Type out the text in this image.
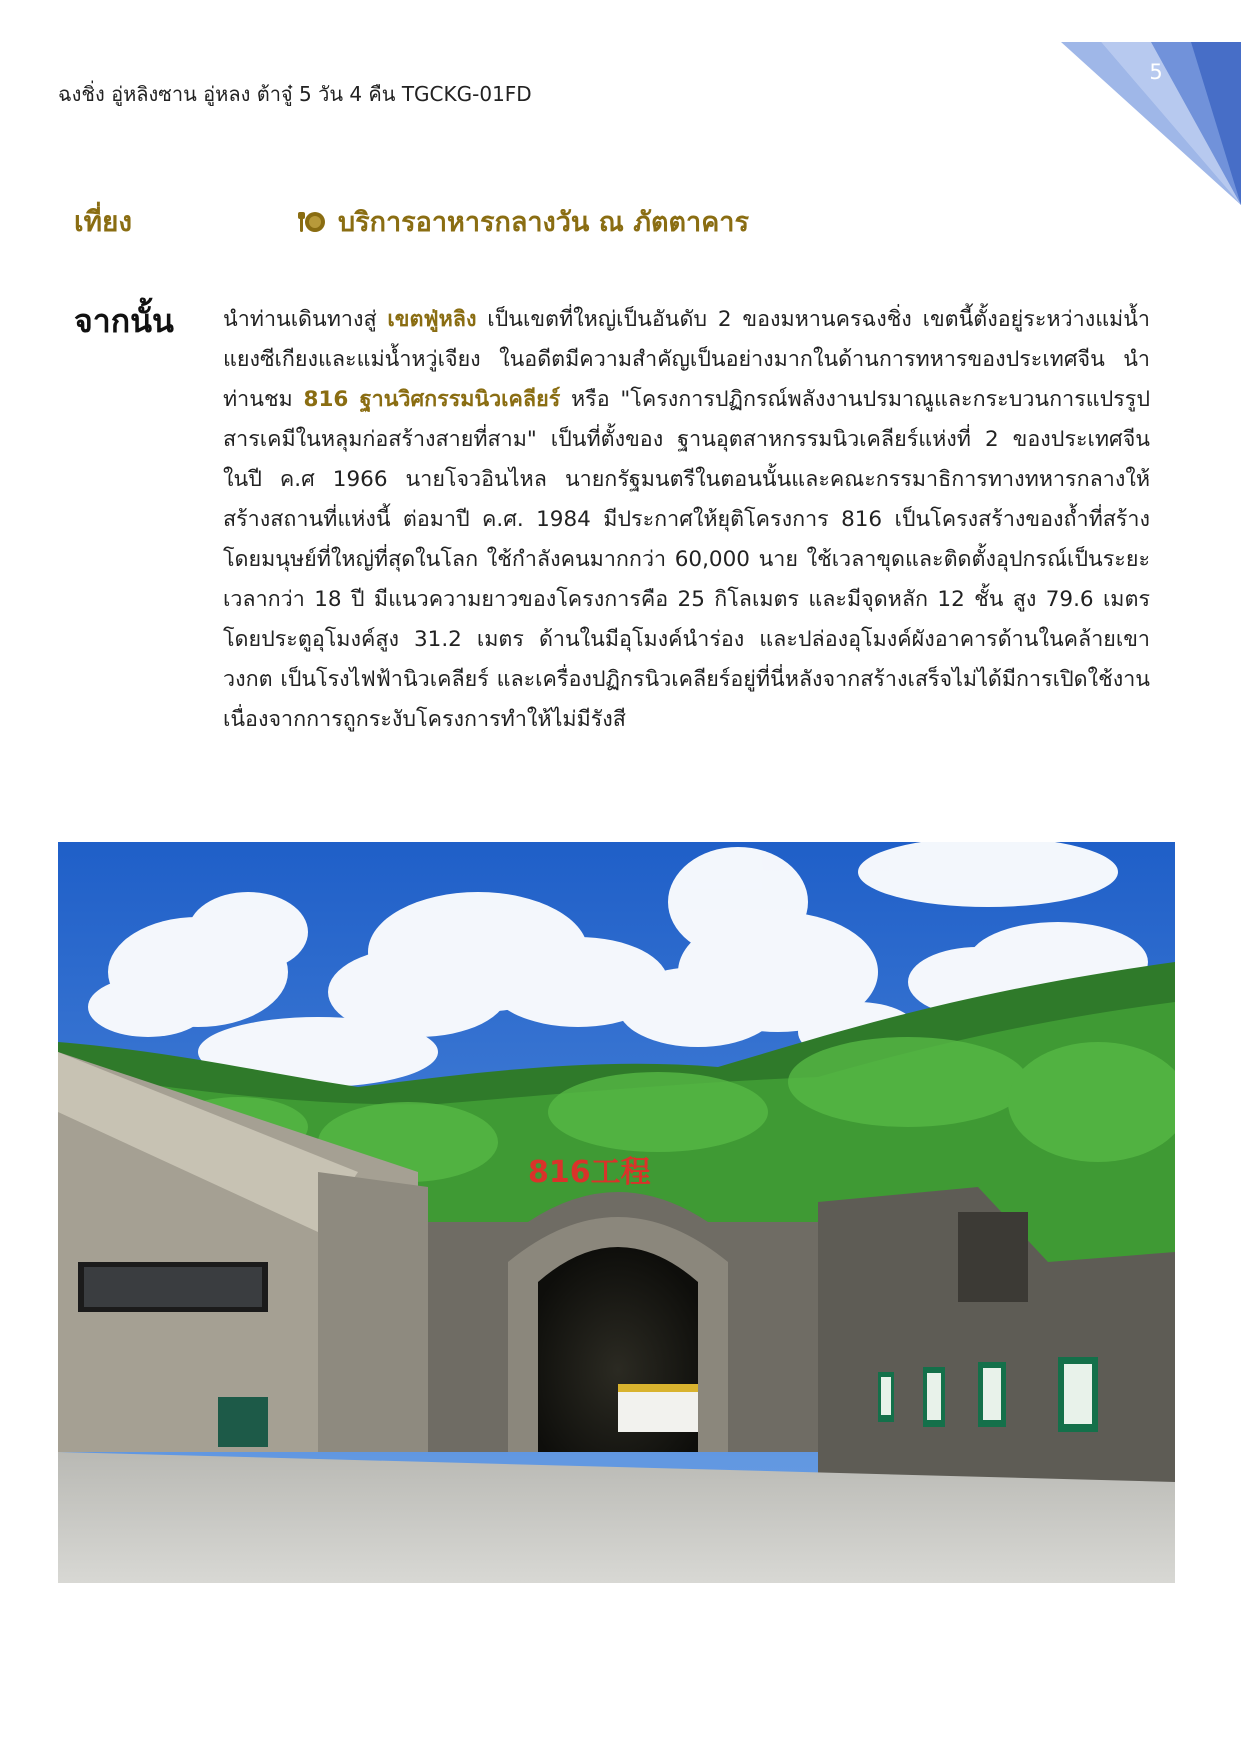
ฉงชิ่ง อู่หลิงซาน อู่หลง ต้าจู๋ 5 วัน 4 คืน TGCKG-01FD
5
เที่ยง	บริการอาหารกลางวัน ณ ภัตตาคาร
จากนั้น นำท่านเดินทางสู่ เขตฟู่หลิง เป็นเขตที่ใหญ่เป็นอันดับ 2 ของมหานครฉงชิ่ง เขตนี้ตั้งอยู่ระหว่างแม่น้ำแยงซีเกียงและแม่น้ำหวู่เจียง ในอดีตมีความสำคัญเป็นอย่างมากในด้านการทหารของประเทศจีน นำท่านชม 816 ฐานวิศกรรมนิวเคลียร์ หรือ "โครงการปฏิกรณ์พลังงานปรมาณูและกระบวนการแปรรูปสารเคมีในหลุมก่อสร้างสายที่สาม" เป็นที่ตั้งของ ฐานอุตสาหกรรมนิวเคลียร์แห่งที่ 2 ของประเทศจีน ในปี ค.ศ 1966 นายโจวอินไหล นายกรัฐมนตรีในตอนนั้นและคณะกรรมาธิการทางทหารกลางให้สร้างสถานที่แห่งนี้ ต่อมาปี ค.ศ. 1984 มีประกาศให้ยุติโครงการ 816 เป็นโครงสร้างของถ้ำที่สร้างโดยมนุษย์ที่ใหญ่ที่สุดในโลก ใช้กำลังคนมากกว่า 60,000 นาย ใช้เวลาขุดและติดตั้งอุปกรณ์เป็นระยะเวลากว่า 18 ปี มีแนวความยาวของโครงการคือ 25 กิโลเมตร และมีจุดหลัก 12 ชั้น สูง 79.6 เมตร โดยประตูอุโมงค์สูง 31.2 เมตร ด้านในมีอุโมงค์นำร่อง และปล่องอุโมงค์ผังอาคารด้านในคล้ายเขาวงกต เป็นโรงไฟฟ้านิวเคลียร์ และเครื่องปฏิกรนิวเคลียร์อยู่ที่นี่หลังจากสร้างเสร็จไม่ได้มีการเปิดใช้งานเนื่องจากการถูกระงับโครงการทำให้ไม่มีรังสี
816工程
